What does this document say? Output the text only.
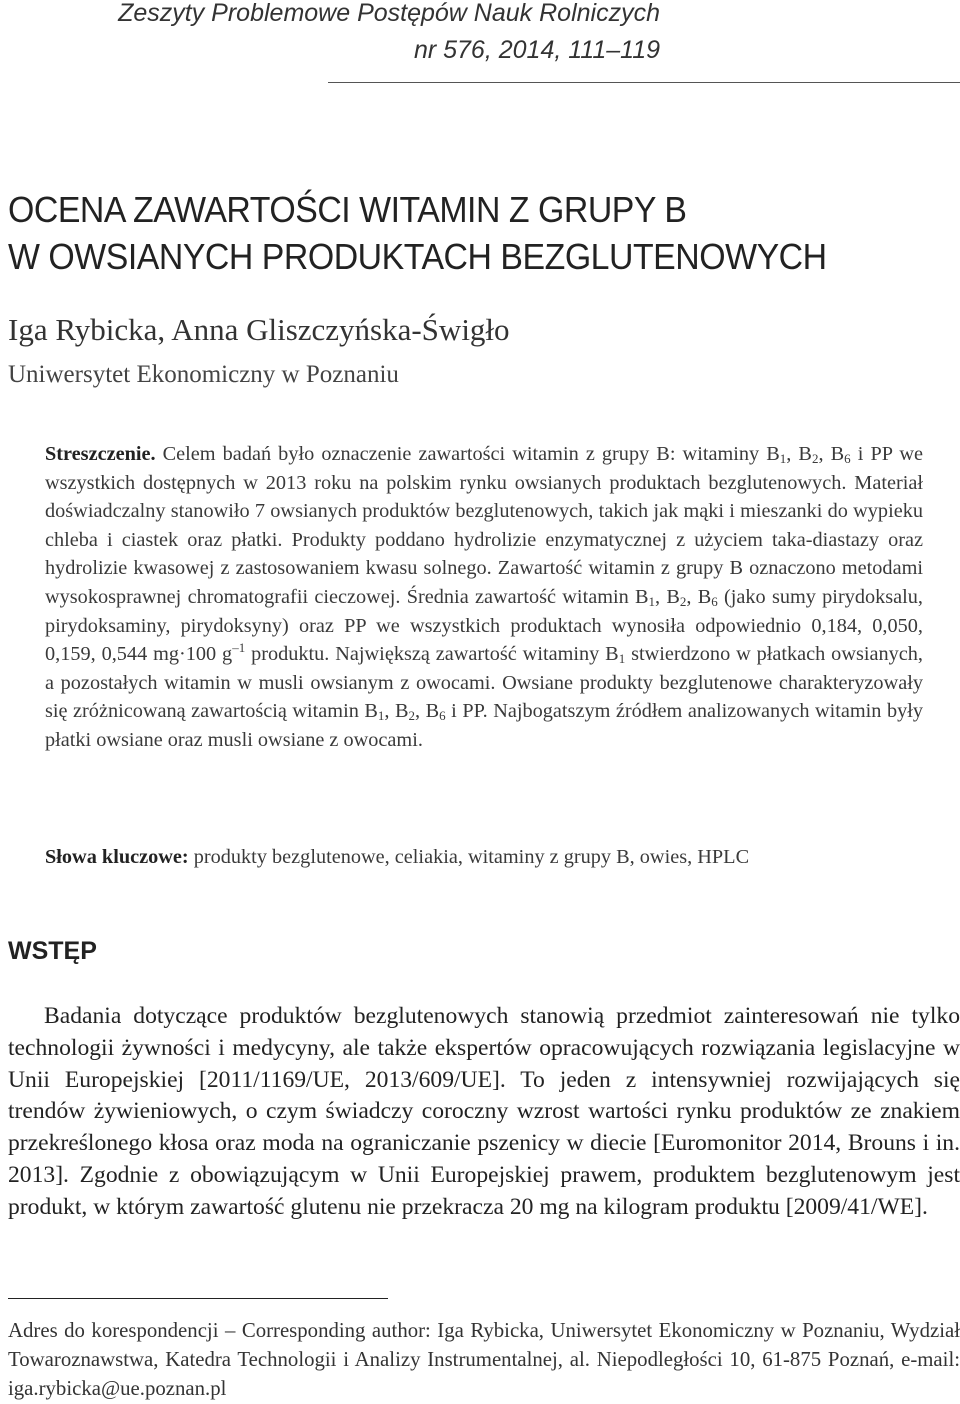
Zeszyty Problemowe Postępów Nauk Rolniczych
nr 576, 2014, 111–119
OCENA ZAWARTOŚCI WITAMIN Z GRUPY B
W OWSIANYCH PRODUKTACH BEZGLUTENOWYCH
Iga Rybicka, Anna Gliszczyńska-Świgło
Uniwersytet Ekonomiczny w Poznaniu
Streszczenie. Celem badań było oznaczenie zawartości witamin z grupy B: witaminy $B_1$, $B_2$, $B_6$ i PP we wszystkich dostępnych w 2013 roku na polskim rynku owsianych produktach bezglutenowych. Materiał doświadczalny stanowiło 7 owsianych produktów bezglutenowych, takich jak mąki i mieszanki do wypieku chleba i ciastek oraz płatki. Produkty poddano hydrolizie enzymatycznej z użyciem taka-diastazy oraz hydrolizie kwasowej z zastosowaniem kwasu solnego. Zawartość witamin z grupy B oznaczono metodami wysokosprawnej chromatografii cieczowej. Średnia zawartość witamin $B_1$, $B_2$, $B_6$ (jako sumy pirydoksalu, pirydoksaminy, pirydoksyny) oraz PP we wszystkich produktach wynosiła odpowiednio 0,184, 0,050, 0,159, 0,544 mg·100 $g^{-1}$ produktu. Największą zawartość witaminy $B_1$ stwierdzono w płatkach owsianych, a pozostałych witamin w musli owsianym z owocami. Owsiane produkty bezglutenowe charakteryzowały się zróżnicowaną zawartością witamin $B_1$, $B_2$, $B_6$ i PP. Najbogatszym źródłem analizowanych witamin były płatki owsiane oraz musli owsiane z owocami.
Słowa kluczowe: produkty bezglutenowe, celiakia, witaminy z grupy B, owies, HPLC
WSTĘP
Badania dotyczące produktów bezglutenowych stanowią przedmiot zainteresowań nie tylko technologii żywności i medycyny, ale także ekspertów opracowujących rozwiązania legislacyjne w Unii Europejskiej [2011/1169/UE, 2013/609/UE]. To jeden z intensywniej rozwijających się trendów żywieniowych, o czym świadczy coroczny wzrost wartości rynku produktów ze znakiem przekreślonego kłosa oraz moda na ograniczanie pszenicy w diecie [Euromonitor 2014, Brouns i in. 2013]. Zgodnie z obowiązującym w Unii Europejskiej prawem, produktem bezglutenowym jest produkt, w którym zawartość glutenu nie przekracza 20 mg na kilogram produktu [2009/41/WE].
Adres do korespondencji – Corresponding author: Iga Rybicka, Uniwersytet Ekonomiczny w Poznaniu, Wydział Towaroznawstwa, Katedra Technologii i Analizy Instrumentalnej, al. Niepodległości 10, 61-875 Poznań, e-mail: iga.rybicka@ue.poznan.pl
